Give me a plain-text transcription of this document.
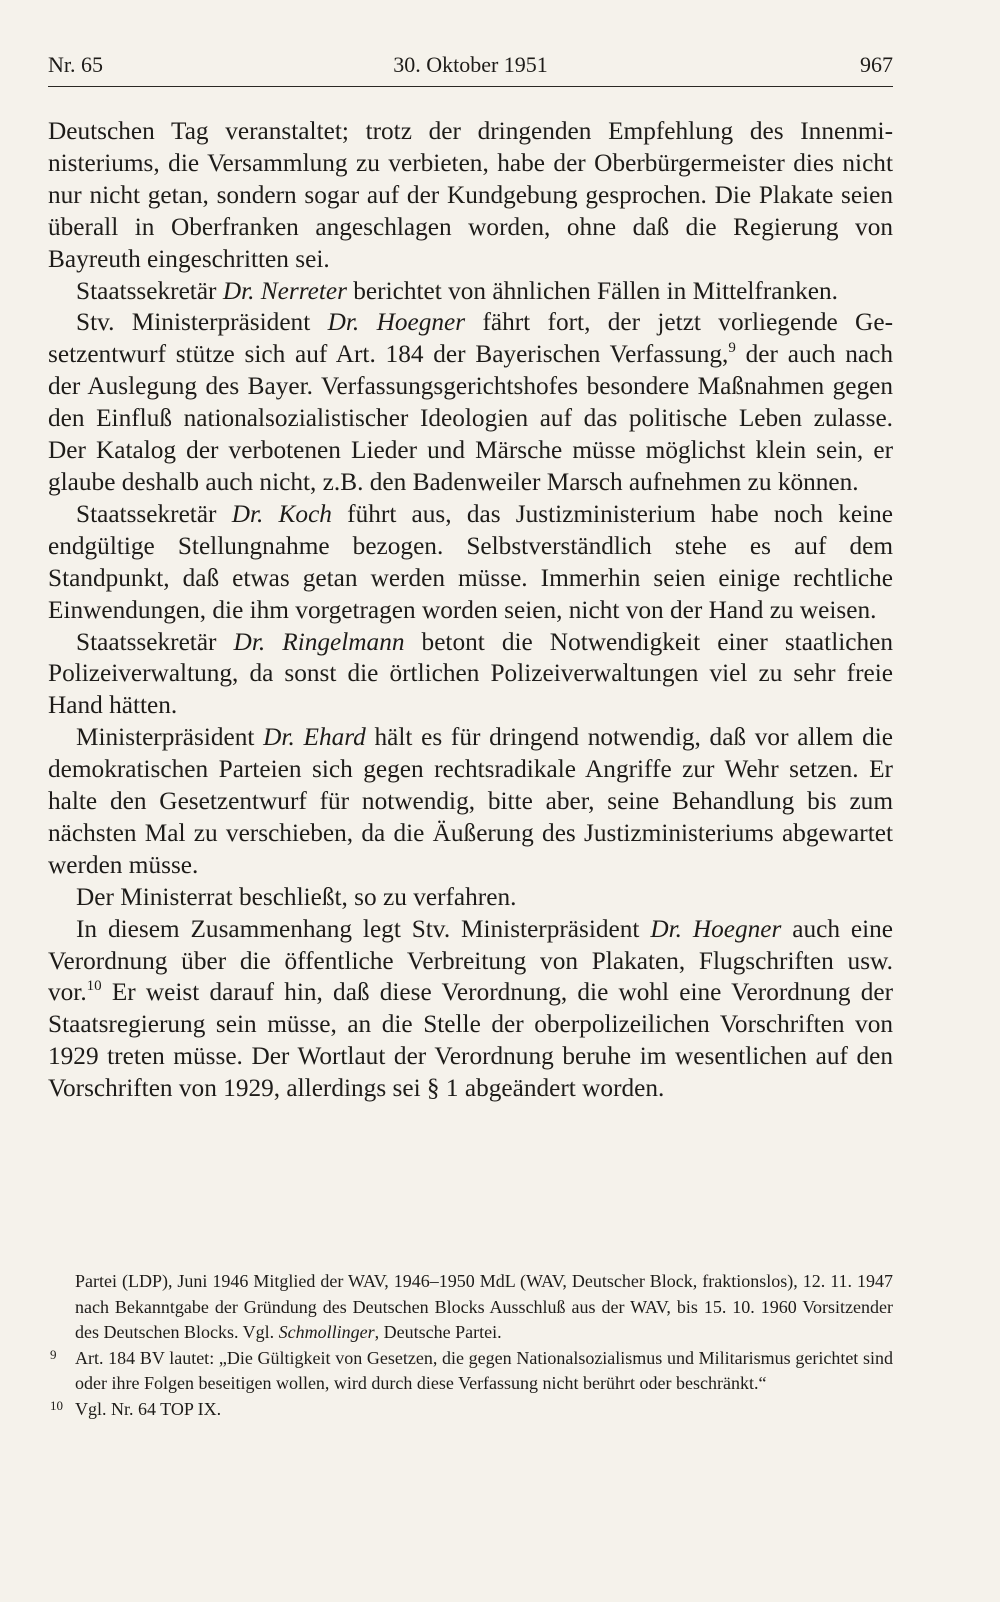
Nr. 65	30. Oktober 1951	967

Deutschen Tag veranstaltet; trotz der dringenden Empfehlung des Innenministeriums, die Versammlung zu verbieten, habe der Oberbürgermeister dies nicht nur nicht getan, sondern sogar auf der Kundgebung gesprochen. Die Plakate seien überall in Oberfranken angeschlagen worden, ohne daß die Regierung von Bayreuth eingeschritten sei.

Staatssekretär Dr. Nerreter berichtet von ähnlichen Fällen in Mittelfranken.

Stv. Ministerpräsident Dr. Hoegner fährt fort, der jetzt vorliegende Gesetzentwurf stütze sich auf Art. 184 der Bayerischen Verfassung,$^9$ der auch nach der Auslegung des Bayer. Verfassungsgerichtshofes besondere Maßnahmen gegen den Einfluß nationalsozialistischer Ideologien auf das politische Leben zulasse. Der Katalog der verbotenen Lieder und Märsche müsse möglichst klein sein, er glaube deshalb auch nicht, z.B. den Badenweiler Marsch aufnehmen zu können.

Staatssekretär Dr. Koch führt aus, das Justizministerium habe noch keine endgültige Stellungnahme bezogen. Selbstverständlich stehe es auf dem Standpunkt, daß etwas getan werden müsse. Immerhin seien einige rechtliche Einwendungen, die ihm vorgetragen worden seien, nicht von der Hand zu weisen.

Staatssekretär Dr. Ringelmann betont die Notwendigkeit einer staatlichen Polizeiverwaltung, da sonst die örtlichen Polizeiverwaltungen viel zu sehr freie Hand hätten.

Ministerpräsident Dr. Ehard hält es für dringend notwendig, daß vor allem die demokratischen Parteien sich gegen rechtsradikale Angriffe zur Wehr setzen. Er halte den Gesetzentwurf für notwendig, bitte aber, seine Behandlung bis zum nächsten Mal zu verschieben, da die Äußerung des Justizministeriums abgewartet werden müsse.

Der Ministerrat beschließt, so zu verfahren.

In diesem Zusammenhang legt Stv. Ministerpräsident Dr. Hoegner auch eine Verordnung über die öffentliche Verbreitung von Plakaten, Flugschriften usw. vor.$^{10}$ Er weist darauf hin, daß diese Verordnung, die wohl eine Verordnung der Staatsregierung sein müsse, an die Stelle der oberpolizeilichen Vorschriften von 1929 treten müsse. Der Wortlaut der Verordnung beruhe im wesentlichen auf den Vorschriften von 1929, allerdings sei § 1 abgeändert worden.

Partei (LDP), Juni 1946 Mitglied der WAV, 1946–1950 MdL (WAV, Deutscher Block, fraktionslos), 12. 11. 1947 nach Bekanntgabe der Gründung des Deutschen Blocks Ausschluß aus der WAV, bis 15. 10. 1960 Vorsitzender des Deutschen Blocks. Vgl. Schmollinger, Deutsche Partei.
9 Art. 184 BV lautet: „Die Gültigkeit von Gesetzen, die gegen Nationalsozialismus und Militarismus gerichtet sind oder ihre Folgen beseitigen wollen, wird durch diese Verfassung nicht berührt oder beschränkt.“
10 Vgl. Nr. 64 TOP IX.
